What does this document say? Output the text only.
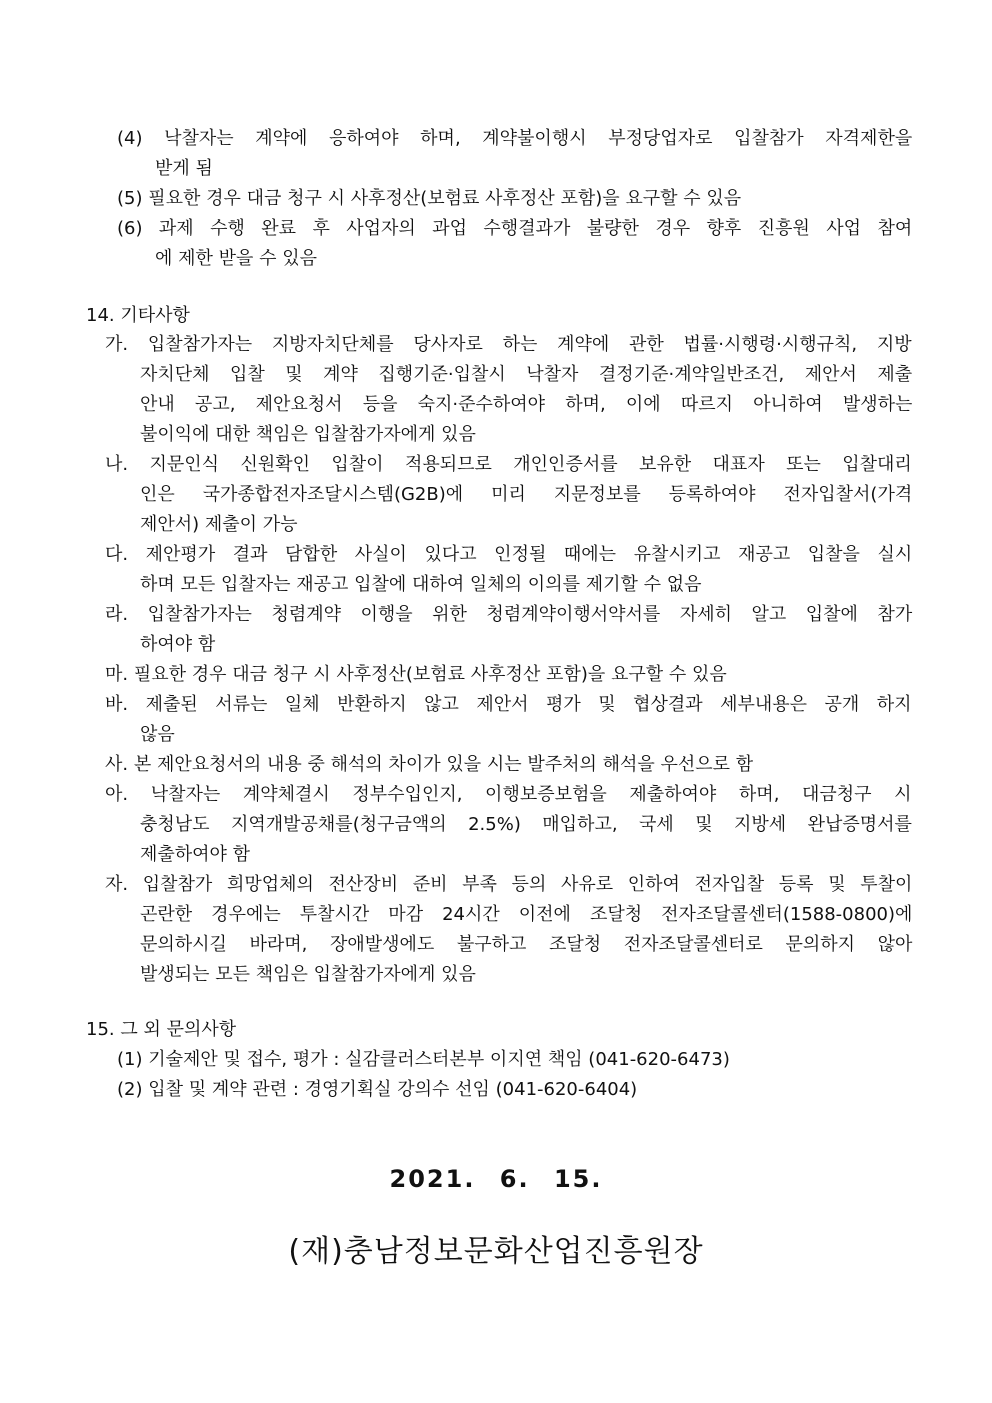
(4) 낙찰자는 계약에 응하여야 하며, 계약불이행시 부정당업자로 입찰참가 자격제한을
받게 됨
(5) 필요한 경우 대금 청구 시 사후정산(보험료 사후정산 포함)을 요구할 수 있음
(6) 과제 수행 완료 후 사업자의 과업 수행결과가 불량한 경우 향후 진흥원 사업 참여
에 제한 받을 수 있음
14. 기타사항
가. 입찰참가자는 지방자치단체를 당사자로 하는 계약에 관한 법률·시행령·시행규칙, 지방
자치단체 입찰 및 계약 집행기준·입찰시 낙찰자 결정기준·계약일반조건, 제안서 제출
안내 공고, 제안요청서 등을 숙지·준수하여야 하며, 이에 따르지 아니하여 발생하는
불이익에 대한 책임은 입찰참가자에게 있음
나. 지문인식 신원확인 입찰이 적용되므로 개인인증서를 보유한 대표자 또는 입찰대리
인은 국가종합전자조달시스템(G2B)에 미리 지문정보를 등록하여야 전자입찰서(가격
제안서) 제출이 가능
다. 제안평가 결과 담합한 사실이 있다고 인정될 때에는 유찰시키고 재공고 입찰을 실시
하며 모든 입찰자는 재공고 입찰에 대하여 일체의 이의를 제기할 수 없음
라. 입찰참가자는 청렴계약 이행을 위한 청렴계약이행서약서를 자세히 알고 입찰에 참가
하여야 함
마. 필요한 경우 대금 청구 시 사후정산(보험료 사후정산 포함)을 요구할 수 있음
바. 제출된 서류는 일체 반환하지 않고 제안서 평가 및 협상결과 세부내용은 공개 하지
않음
사. 본 제안요청서의 내용 중 해석의 차이가 있을 시는 발주처의 해석을 우선으로 함
아. 낙찰자는 계약체결시 정부수입인지, 이행보증보험을 제출하여야 하며, 대금청구 시
충청남도 지역개발공채를(청구금액의 2.5%) 매입하고, 국세 및 지방세 완납증명서를
제출하여야 함
자. 입찰참가 희망업체의 전산장비 준비 부족 등의 사유로 인하여 전자입찰 등록 및 투찰이
곤란한 경우에는 투찰시간 마감 24시간 이전에 조달청 전자조달콜센터(1588-0800)에
문의하시길 바라며, 장애발생에도 불구하고 조달청 전자조달콜센터로 문의하지 않아
발생되는 모든 책임은 입찰참가자에게 있음
15. 그 외 문의사항
(1) 기술제안 및 접수, 평가 : 실감클러스터본부 이지연 책임 (041-620-6473)
(2) 입찰 및 계약 관련 : 경영기획실 강의수 선임 (041-620-6404)
2021. 6. 15.
(재)충남정보문화산업진흥원장
